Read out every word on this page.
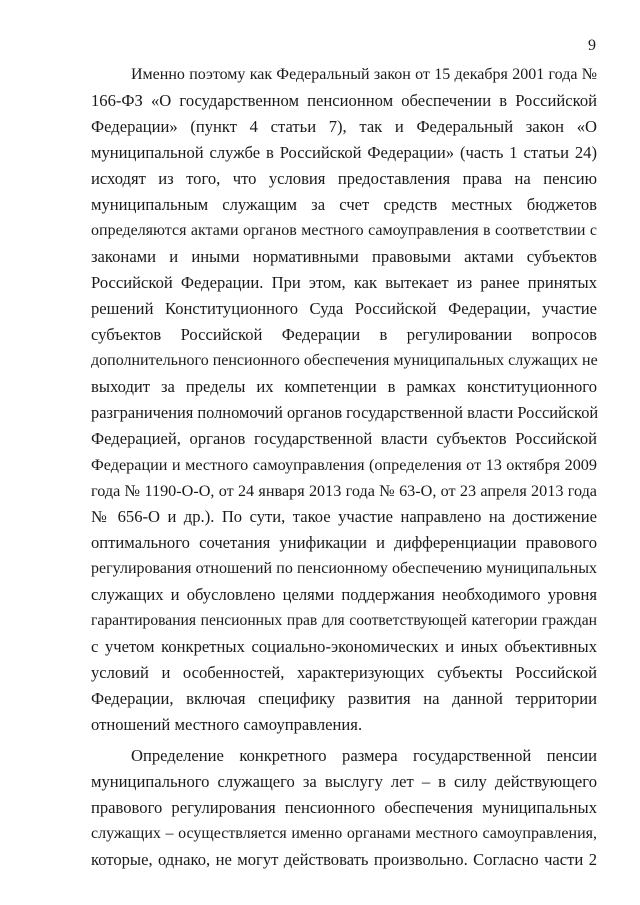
9
Именно поэтому как Федеральный закон от 15 декабря 2001 года №
166-ФЗ «О государственном пенсионном обеспечении в Российской
Федерации» (пункт 4 статьи 7), так и Федеральный закон «О
муниципальной службе в Российской Федерации» (часть 1 статьи 24)
исходят из того, что условия предоставления права на пенсию
муниципальным служащим за счет средств местных бюджетов
определяются актами органов местного самоуправления в соответствии с
законами и иными нормативными правовыми актами субъектов
Российской Федерации. При этом, как вытекает из ранее принятых
решений Конституционного Суда Российской Федерации, участие
субъектов Российской Федерации в регулировании вопросов
дополнительного пенсионного обеспечения муниципальных служащих не
выходит за пределы их компетенции в рамках конституционного
разграничения полномочий органов государственной власти Российской
Федерацией, органов государственной власти субъектов Российской
Федерации и местного самоуправления (определения от 13 октября 2009
года № 1190-О-О, от 24 января 2013 года № 63-О, от 23 апреля 2013 года
№ 656-О и др.). По сути, такое участие направлено на достижение
оптимального сочетания унификации и дифференциации правового
регулирования отношений по пенсионному обеспечению муниципальных
служащих и обусловлено целями поддержания необходимого уровня
гарантирования пенсионных прав для соответствующей категории граждан
с учетом конкретных социально-экономических и иных объективных
условий и особенностей, характеризующих субъекты Российской
Федерации, включая специфику развития на данной территории
отношений местного самоуправления.
Определение конкретного размера государственной пенсии
муниципального служащего за выслугу лет – в силу действующего
правового регулирования пенсионного обеспечения муниципальных
служащих – осуществляется именно органами местного самоуправления,
которые, однако, не могут действовать произвольно. Согласно части 2
